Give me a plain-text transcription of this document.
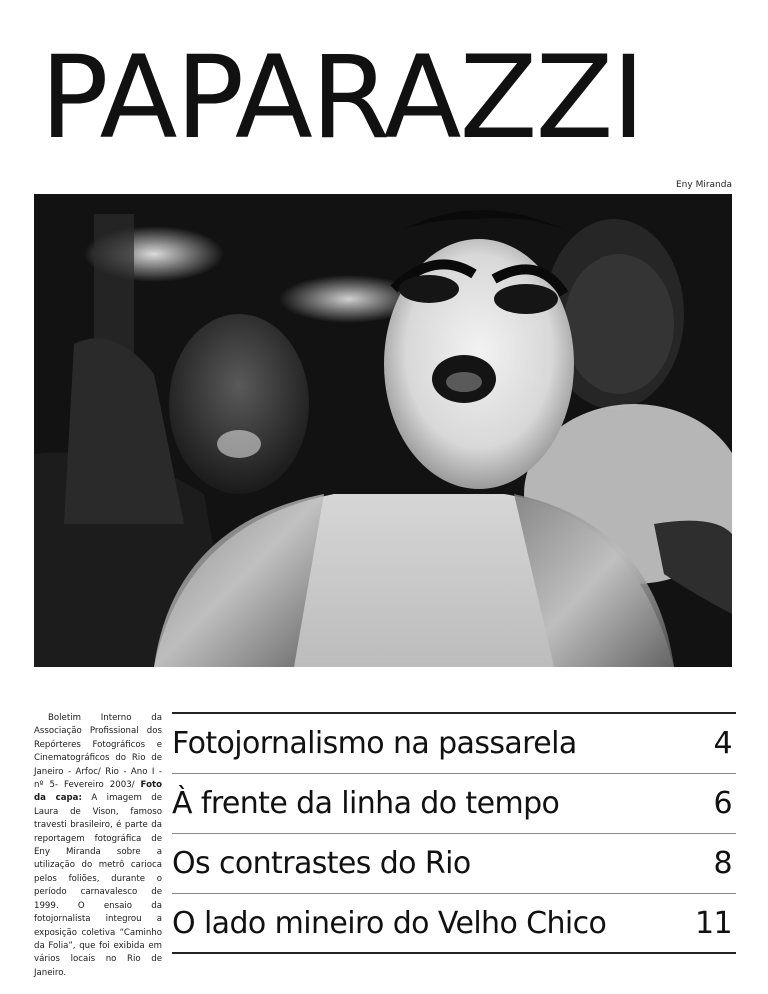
PAPARAZZI
Eny Miranda

Boletim Interno da Associação Profissional dos Repórteres Fotográficos e Cinematográficos do Rio de Janeiro - Arfoc/ Rio - Ano I - nº 5- Fevereiro 2003/ Foto da capa: A imagem de Laura de Vison, famoso travesti brasileiro, é parte da reportagem fotográfica de Eny Miranda sobre a utilização do metrô carioca pelos foliões, durante o período carnavalesco de 1999. O ensaio da fotojornalista integrou a exposição coletiva “Caminho da Folia”, que foi exibida em vários locais no Rio de Janeiro.

Fotojornalismo na passarela	4
À frente da linha do tempo	6
Os contrastes do Rio	8
O lado mineiro do Velho Chico	11
